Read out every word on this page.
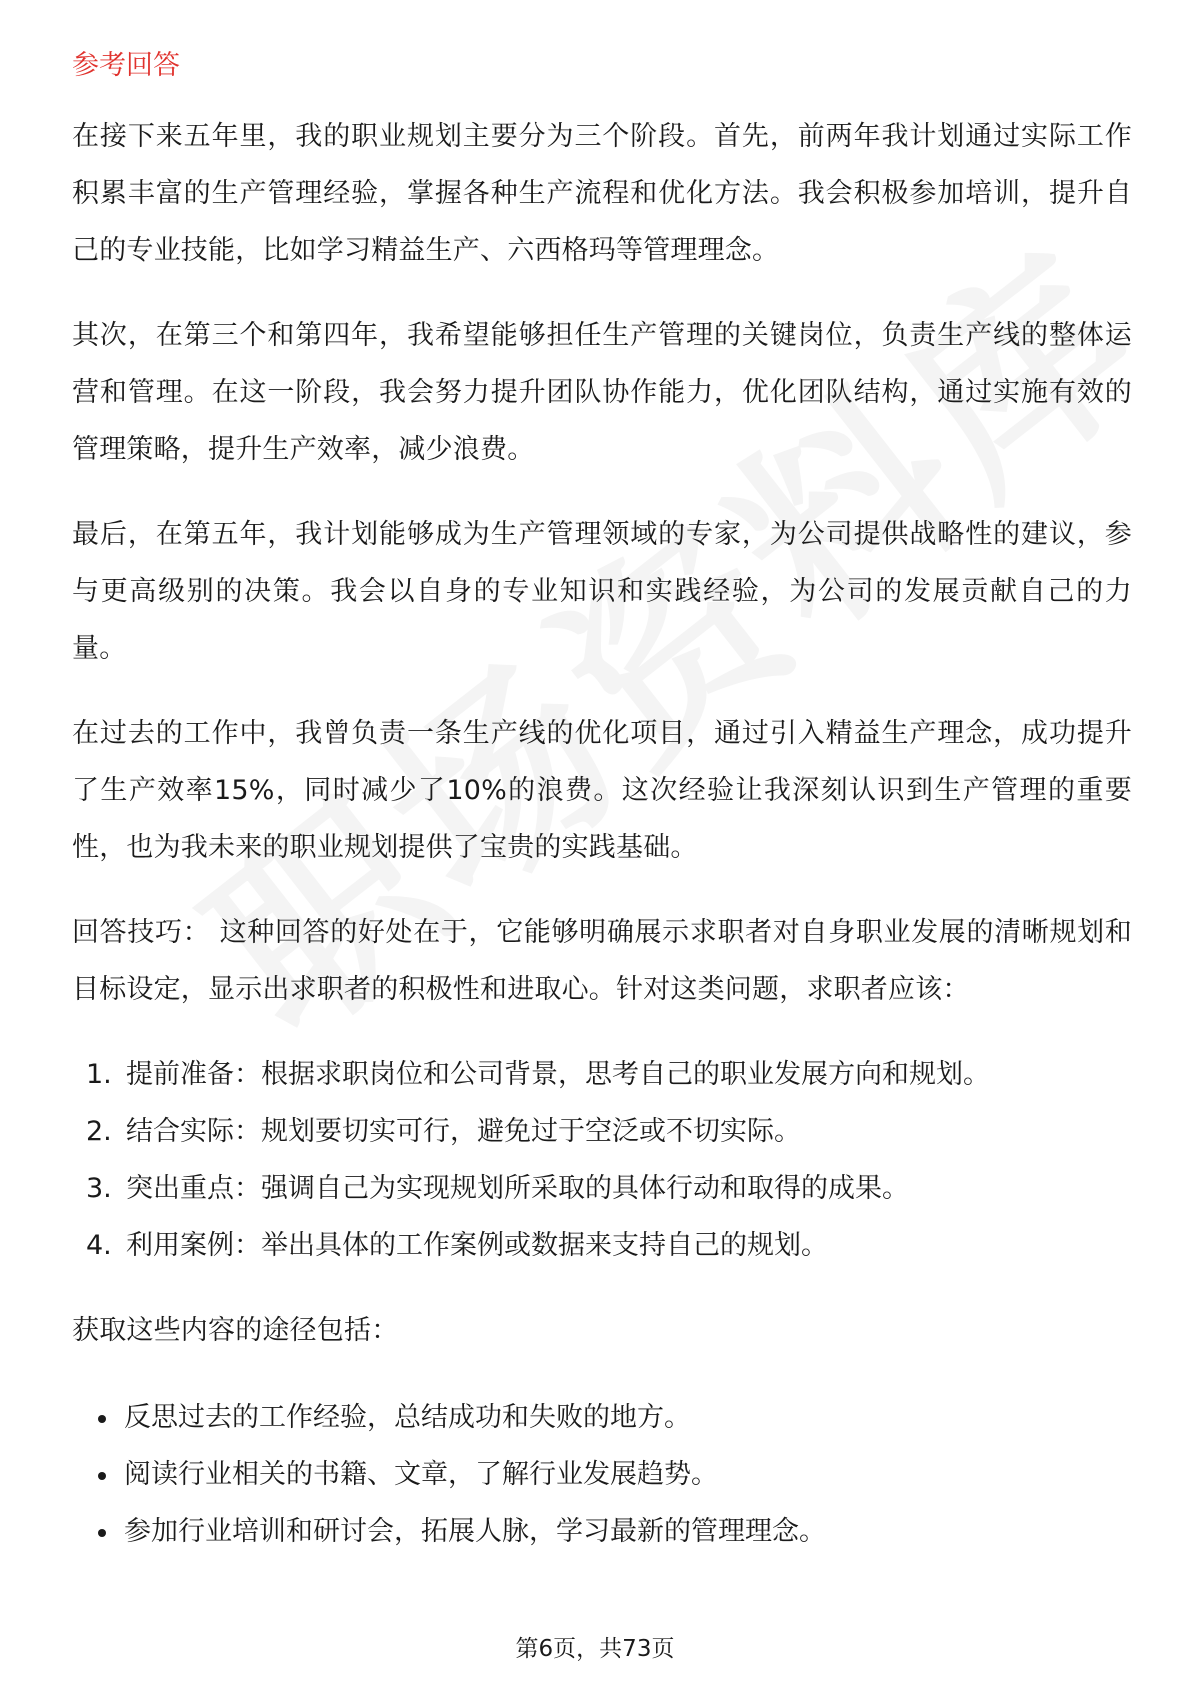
参考回答

在接下来五年里，我的职业规划主要分为三个阶段。首先，前两年我计划通过实际工作积累丰富的生产管理经验，掌握各种生产流程和优化方法。我会积极参加培训，提升自己的专业技能，比如学习精益生产、六西格玛等管理理念。

其次，在第三个和第四年，我希望能够担任生产管理的关键岗位，负责生产线的整体运营和管理。在这一阶段，我会努力提升团队协作能力，优化团队结构，通过实施有效的管理策略，提升生产效率，减少浪费。

最后，在第五年，我计划能够成为生产管理领域的专家，为公司提供战略性的建议，参与更高级别的决策。我会以自身的专业知识和实践经验，为公司的发展贡献自己的力量。

在过去的工作中，我曾负责一条生产线的优化项目，通过引入精益生产理念，成功提升了生产效率15%，同时减少了10%的浪费。这次经验让我深刻认识到生产管理的重要性，也为我未来的职业规划提供了宝贵的实践基础。

回答技巧： 这种回答的好处在于，它能够明确展示求职者对自身职业发展的清晰规划和目标设定，显示出求职者的积极性和进取心。针对这类问题，求职者应该：

1. 提前准备：根据求职岗位和公司背景，思考自己的职业发展方向和规划。
2. 结合实际：规划要切实可行，避免过于空泛或不切实际。
3. 突出重点：强调自己为实现规划所采取的具体行动和取得的成果。
4. 利用案例：举出具体的工作案例或数据来支持自己的规划。

获取这些内容的途径包括：

反思过去的工作经验，总结成功和失败的地方。
阅读行业相关的书籍、文章，了解行业发展趋势。
参加行业培训和研讨会，拓展人脉，学习最新的管理理念。
第6页，共73页
